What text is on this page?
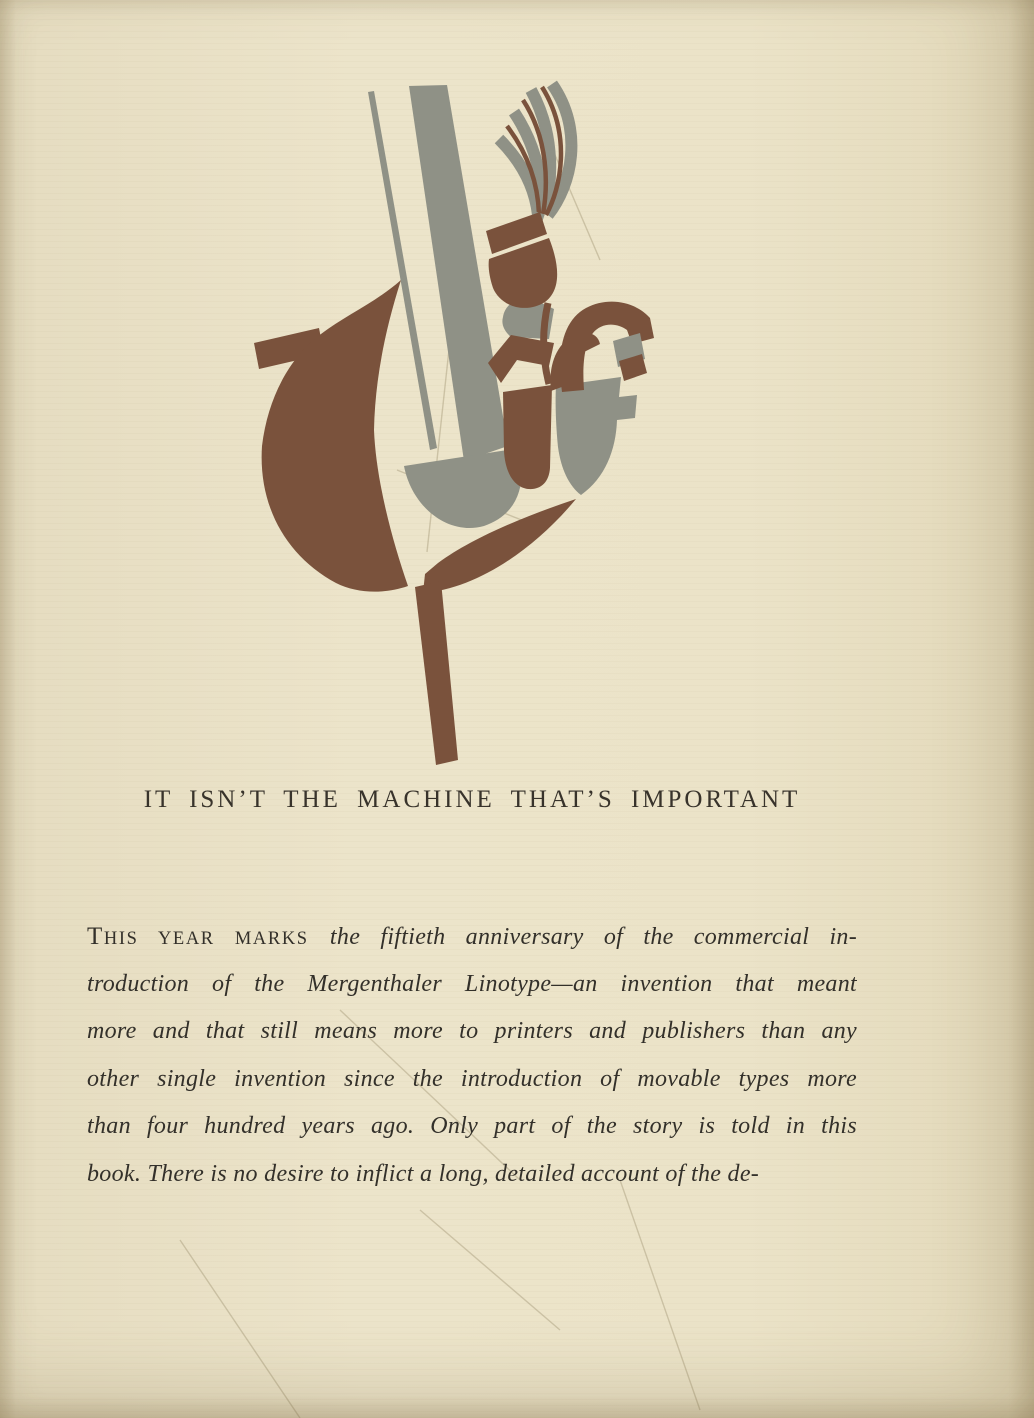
IT ISN’T THE MACHINE THAT’S IMPORTANT
THIS YEAR MARKS the fiftieth anniversary of the commercial in-
troduction of the Mergenthaler Linotype—an invention that meant
more and that still means more to printers and publishers than any
other single invention since the introduction of movable types more
than four hundred years ago. Only part of the story is told in this
book. There is no desire to inflict a long, detailed account of the de-
